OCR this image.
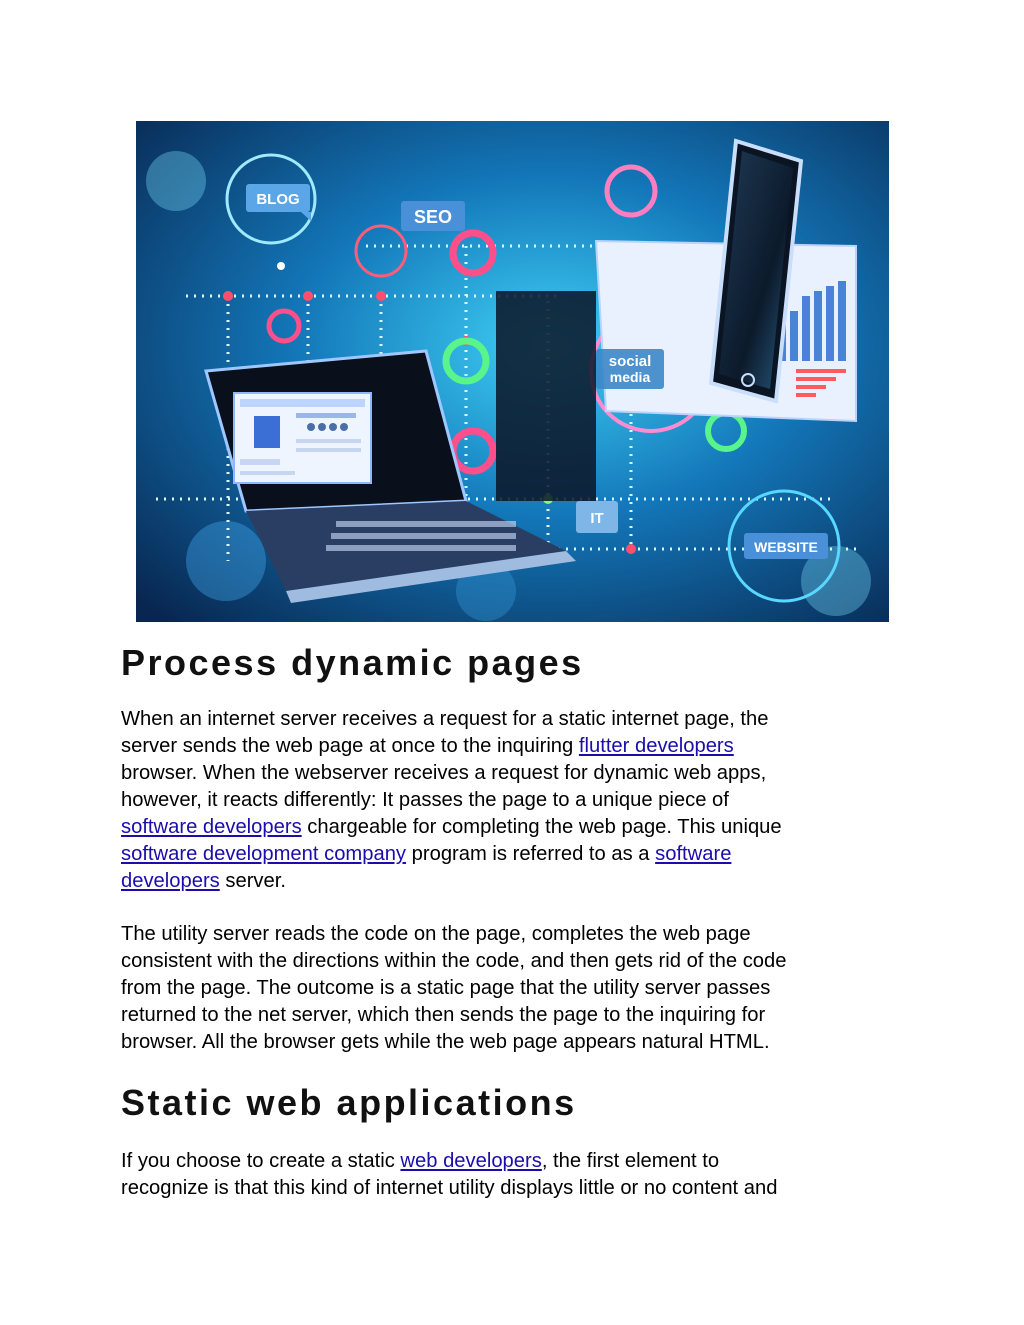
BLOG
SEO
social
media
IT
WEBSITE
Process dynamic pages
When an internet server receives a request for a static internet page, the
server sends the web page at once to the inquiring flutter developers
browser. When the webserver receives a request for dynamic web apps,
however, it reacts differently: It passes the page to a unique piece of
software developers chargeable for completing the web page. This unique
software development company program is referred to as a software
developers server.
The utility server reads the code on the page, completes the web page
consistent with the directions within the code, and then gets rid of the code
from the page. The outcome is a static page that the utility server passes
returned to the net server, which then sends the page to the inquiring for
browser. All the browser gets while the web page appears natural HTML.
Static web applications
If you choose to create a static web developers, the first element to
recognize is that this kind of internet utility displays little or no content and
